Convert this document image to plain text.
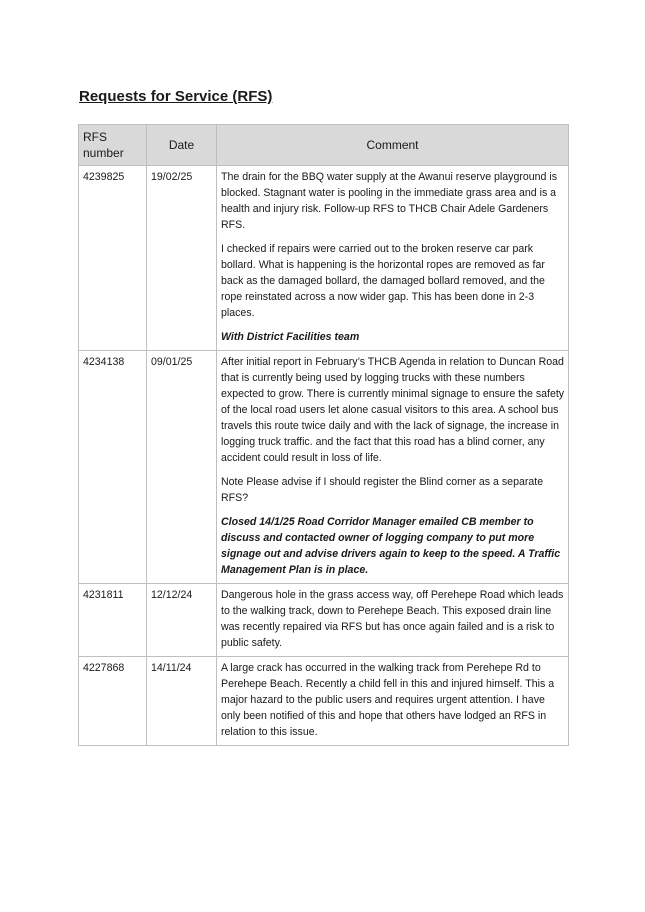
Requests for Service (RFS)
RFS number	Date	Comment
4239825	19/02/25	The drain for the BBQ water supply at the Awanui reserve playground is blocked. Stagnant water is pooling in the immediate grass area and is a health and injury risk. Follow-up RFS to THCB Chair Adele Gardeners RFS.

I checked if repairs were carried out to the broken reserve car park bollard. What is happening is the horizontal ropes are removed as far back as the damaged bollard, the damaged bollard removed, and the rope reinstated across a now wider gap. This has been done in 2-3 places.

With District Facilities team

4234138	09/01/25	After initial report in February’s THCB Agenda in relation to Duncan Road that is currently being used by logging trucks with these numbers expected to grow. There is currently minimal signage to ensure the safety of the local road users let alone casual visitors to this area. A school bus travels this route twice daily and with the lack of signage, the increase in logging truck traffic. and the fact that this road has a blind corner, any accident could result in loss of life.

Note Please advise if I should register the Blind corner as a separate RFS?

Closed 14/1/25 Road Corridor Manager emailed CB member to discuss and contacted owner of logging company to put more signage out and advise drivers again to keep to the speed. A Traffic Management Plan is in place.

4231811	12/12/24	Dangerous hole in the grass access way, off Perehepe Road which leads to the walking track, down to Perehepe Beach. This exposed drain line was recently repaired via RFS but has once again failed and is a risk to public safety.

4227868	14/11/24	A large crack has occurred in the walking track from Perehepe Rd to Perehepe Beach. Recently a child fell in this and injured himself. This a major hazard to the public users and requires urgent attention. I have only been notified of this and hope that others have lodged an RFS in relation to this issue.
